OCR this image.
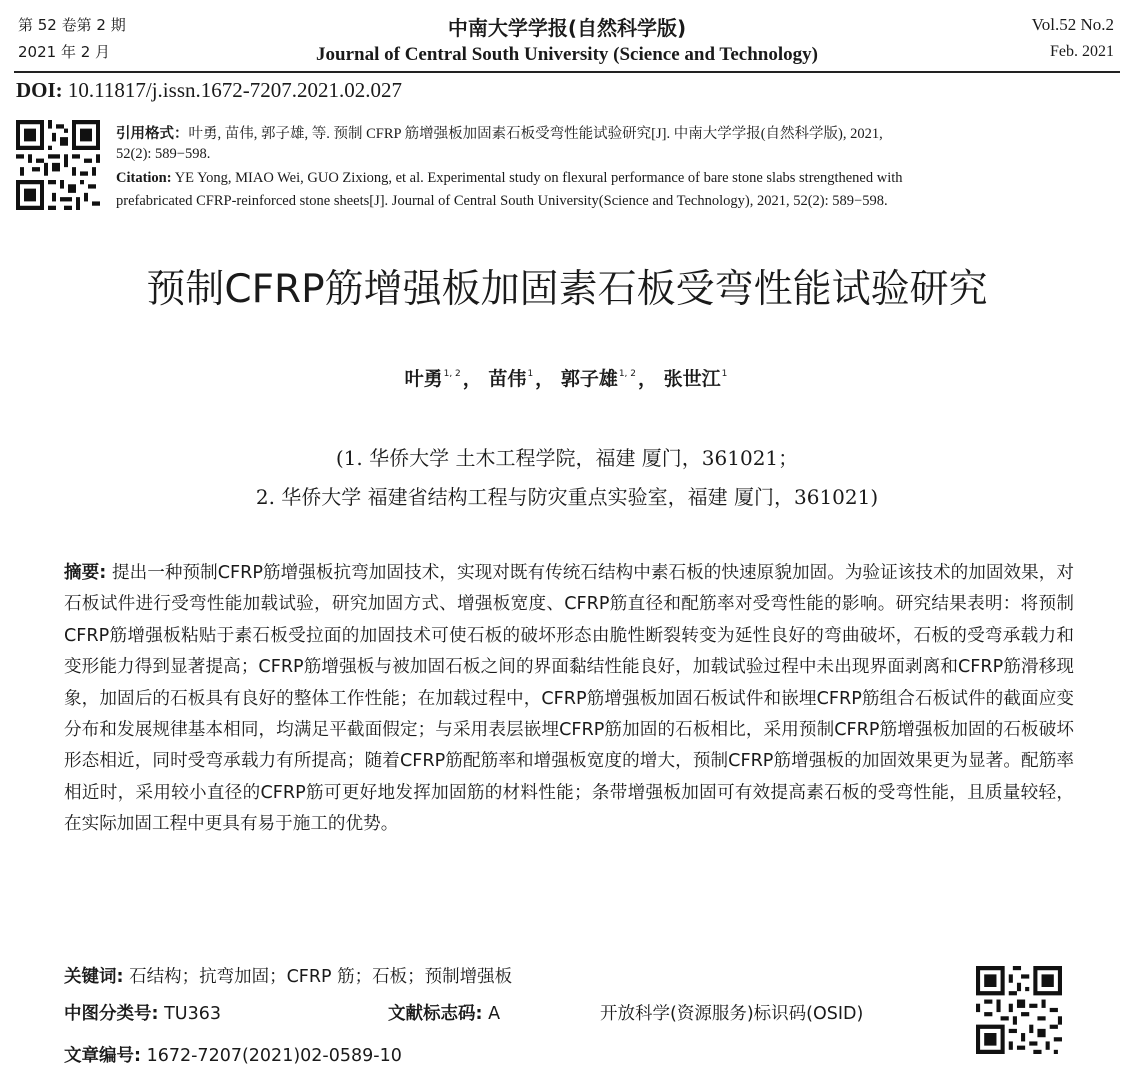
第 52 卷第 2 期
2021 年 2 月
中南大学学报(自然科学版)
Journal of Central South University (Science and Technology)
Vol.52 No.2
Feb. 2021
DOI: 10.11817/j.issn.1672-7207.2021.02.027
引用格式：叶勇, 苗伟, 郭子雄, 等. 预制 CFRP 筋增强板加固素石板受弯性能试验研究[J]. 中南大学学报(自然科学版), 2021,
52(2): 589−598.
Citation: YE Yong, MIAO Wei, GUO Zixiong, et al. Experimental study on flexural performance of bare stone slabs strengthened with
prefabricated CFRP-reinforced stone sheets[J]. Journal of Central South University(Science and Technology), 2021, 52(2): 589−598.
预制CFRP筋增强板加固素石板受弯性能试验研究
叶勇$^{1, 2}$ ， 苗伟$^1$ ， 郭子雄$^{1, 2}$ ， 张世江$^1$
(1. 华侨大学 土木工程学院，福建 厦门，361021；
2. 华侨大学 福建省结构工程与防灾重点实验室，福建 厦门，361021)
摘要: 提出一种预制CFRP筋增强板抗弯加固技术，实现对既有传统石结构中素石板的快速原貌加固。为验证该技术的加固效果，对石板试件进行受弯性能加载试验，研究加固方式、增强板宽度、CFRP筋直径和配筋率对受弯性能的影响。研究结果表明：将预制CFRP筋增强板粘贴于素石板受拉面的加固技术可使石板的破坏形态由脆性断裂转变为延性良好的弯曲破坏，石板的受弯承载力和变形能力得到显著提高；CFRP筋增强板与被加固石板之间的界面黏结性能良好，加载试验过程中未出现界面剥离和CFRP筋滑移现象，加固后的石板具有良好的整体工作性能；在加载过程中，CFRP筋增强板加固石板试件和嵌埋CFRP筋组合石板试件的截面应变分布和发展规律基本相同，均满足平截面假定；与采用表层嵌埋CFRP筋加固的石板相比，采用预制CFRP筋增强板加固的石板破坏形态相近，同时受弯承载力有所提高；随着CFRP筋配筋率和增强板宽度的增大，预制CFRP筋增强板的加固效果更为显著。配筋率相近时，采用较小直径的CFRP筋可更好地发挥加固筋的材料性能；条带增强板加固可有效提高素石板的受弯性能，且质量较轻，在实际加固工程中更具有易于施工的优势。
关键词: 石结构；抗弯加固；CFRP 筋；石板；预制增强板
中图分类号: TU363	文献标志码: A	开放科学(资源服务)标识码(OSID)
文章编号: 1672-7207(2021)02-0589-10
